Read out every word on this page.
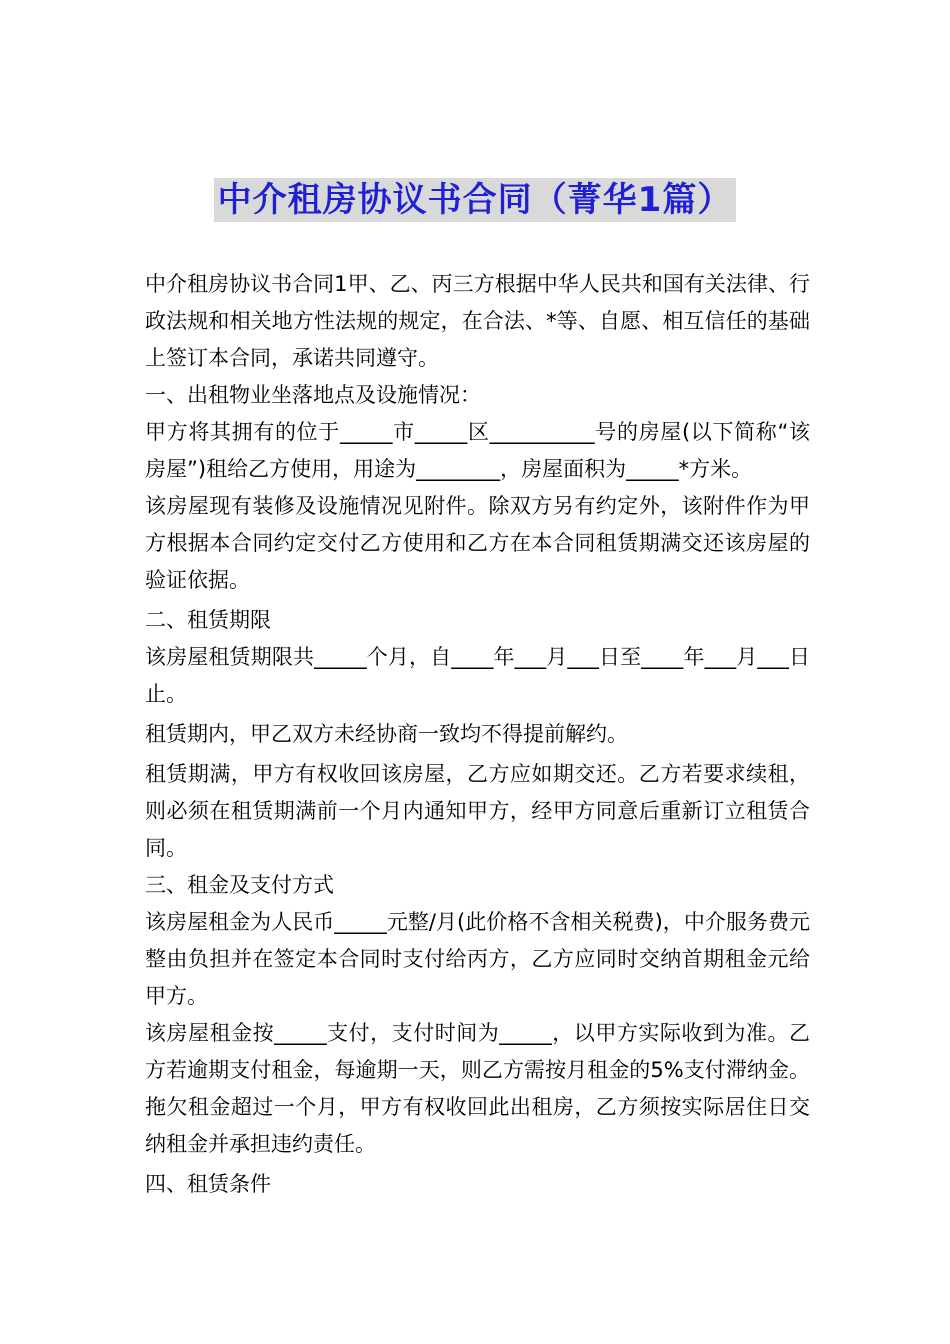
中介租房协议书合同（菁华1篇）

中介租房协议书合同1甲、乙、丙三方根据中华人民共和国有关法律、行政法规和相关地方性法规的规定，在合法、*等、自愿、相互信任的基础上签订本合同，承诺共同遵守。

一、出租物业坐落地点及设施情况：

甲方将其拥有的位于_____市_____区__________号的房屋(以下简称“该房屋”)租给乙方使用，用途为________，房屋面积为_____*方米。

该房屋现有装修及设施情况见附件。除双方另有约定外，该附件作为甲方根据本合同约定交付乙方使用和乙方在本合同租赁期满交还该房屋的验证依据。

二、租赁期限

该房屋租赁期限共_____个月，自____年___月___日至____年___月___日止。

租赁期内，甲乙双方未经协商一致均不得提前解约。

租赁期满，甲方有权收回该房屋，乙方应如期交还。乙方若要求续租，则必须在租赁期满前一个月内通知甲方，经甲方同意后重新订立租赁合同。

三、租金及支付方式

该房屋租金为人民币_____元整/月(此价格不含相关税费)，中介服务费元整由负担并在签定本合同时支付给丙方，乙方应同时交纳首期租金元给甲方。

该房屋租金按_____支付，支付时间为_____，以甲方实际收到为准。乙方若逾期支付租金，每逾期一天，则乙方需按月租金的5%支付滞纳金。拖欠租金超过一个月，甲方有权收回此出租房，乙方须按实际居住日交纳租金并承担违约责任。

四、租赁条件
